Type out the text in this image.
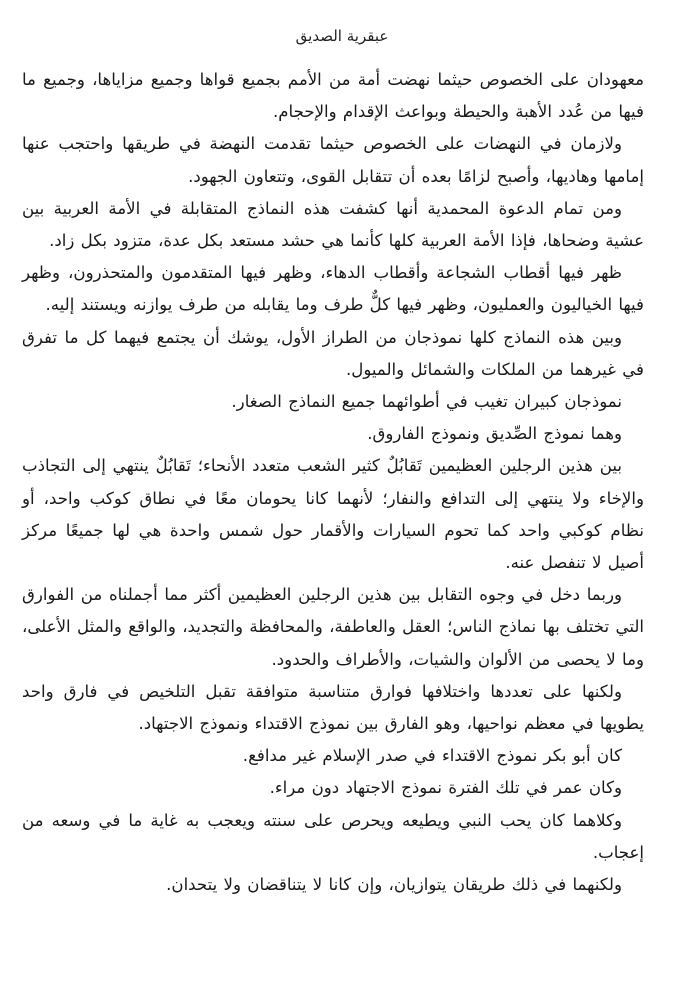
عبقرية الصديق

معهودان على الخصوص حيثما نهضت أمة من الأمم بجميع قواها وجميع مزاياها، وجميع ما فيها من عُدد الأهبة والحيطة وبواعث الإقدام والإحجام.

ولازمان في النهضات على الخصوص حيثما تقدمت النهضة في طريقها واحتجب عنها إمامها وهاديها، وأصبح لزامًا بعده أن تتقابل القوى، وتتعاون الجهود.

ومن تمام الدعوة المحمدية أنها كشفت هذه النماذج المتقابلة في الأمة العربية بين عشية وضحاها، فإذا الأمة العربية كلها كأنما هي حشد مستعد بكل عدة، متزود بكل زاد.

ظهر فيها أقطاب الشجاعة وأقطاب الدهاء، وظهر فيها المتقدمون والمتحذرون، وظهر فيها الخياليون والعمليون، وظهر فيها كلٌّ طرف وما يقابله من طرف يوازنه ويستند إليه.

وبين هذه النماذج كلها نموذجان من الطراز الأول، يوشك أن يجتمع فيهما كل ما تفرق في غيرهما من الملكات والشمائل والميول.

نموذجان كبيران تغيب في أطوائهما جميع النماذج الصغار.

وهما نموذج الصِّديق ونموذج الفاروق.

بين هذين الرجلين العظيمين تَقابُلٌ كثير الشعب متعدد الأنحاء؛ تَقابُلٌ ينتهي إلى التجاذب والإخاء ولا ينتهي إلى التدافع والنفار؛ لأنهما كانا يحومان معًا في نطاق كوكب واحد، أو نظام كوكبي واحد كما تحوم السيارات والأقمار حول شمس واحدة هي لها جميعًا مركز أصيل لا تنفصل عنه.

وربما دخل في وجوه التقابل بين هذين الرجلين العظيمين أكثر مما أجملناه من الفوارق التي تختلف بها نماذج الناس؛ العقل والعاطفة، والمحافظة والتجديد، والواقع والمثل الأعلى، وما لا يحصى من الألوان والشيات، والأطراف والحدود.

ولكنها على تعددها واختلافها فوارق متناسبة متوافقة تقبل التلخيص في فارق واحد يطويها في معظم نواحيها، وهو الفارق بين نموذج الاقتداء ونموذج الاجتهاد.

كان أبو بكر نموذج الاقتداء في صدر الإسلام غير مدافع.

وكان عمر في تلك الفترة نموذج الاجتهاد دون مراء.

وكلاهما كان يحب النبي ويطيعه ويحرص على سنته ويعجب به غاية ما في وسعه من إعجاب.

ولكنهما في ذلك طريقان يتوازيان، وإن كانا لا يتناقضان ولا يتحدان.
